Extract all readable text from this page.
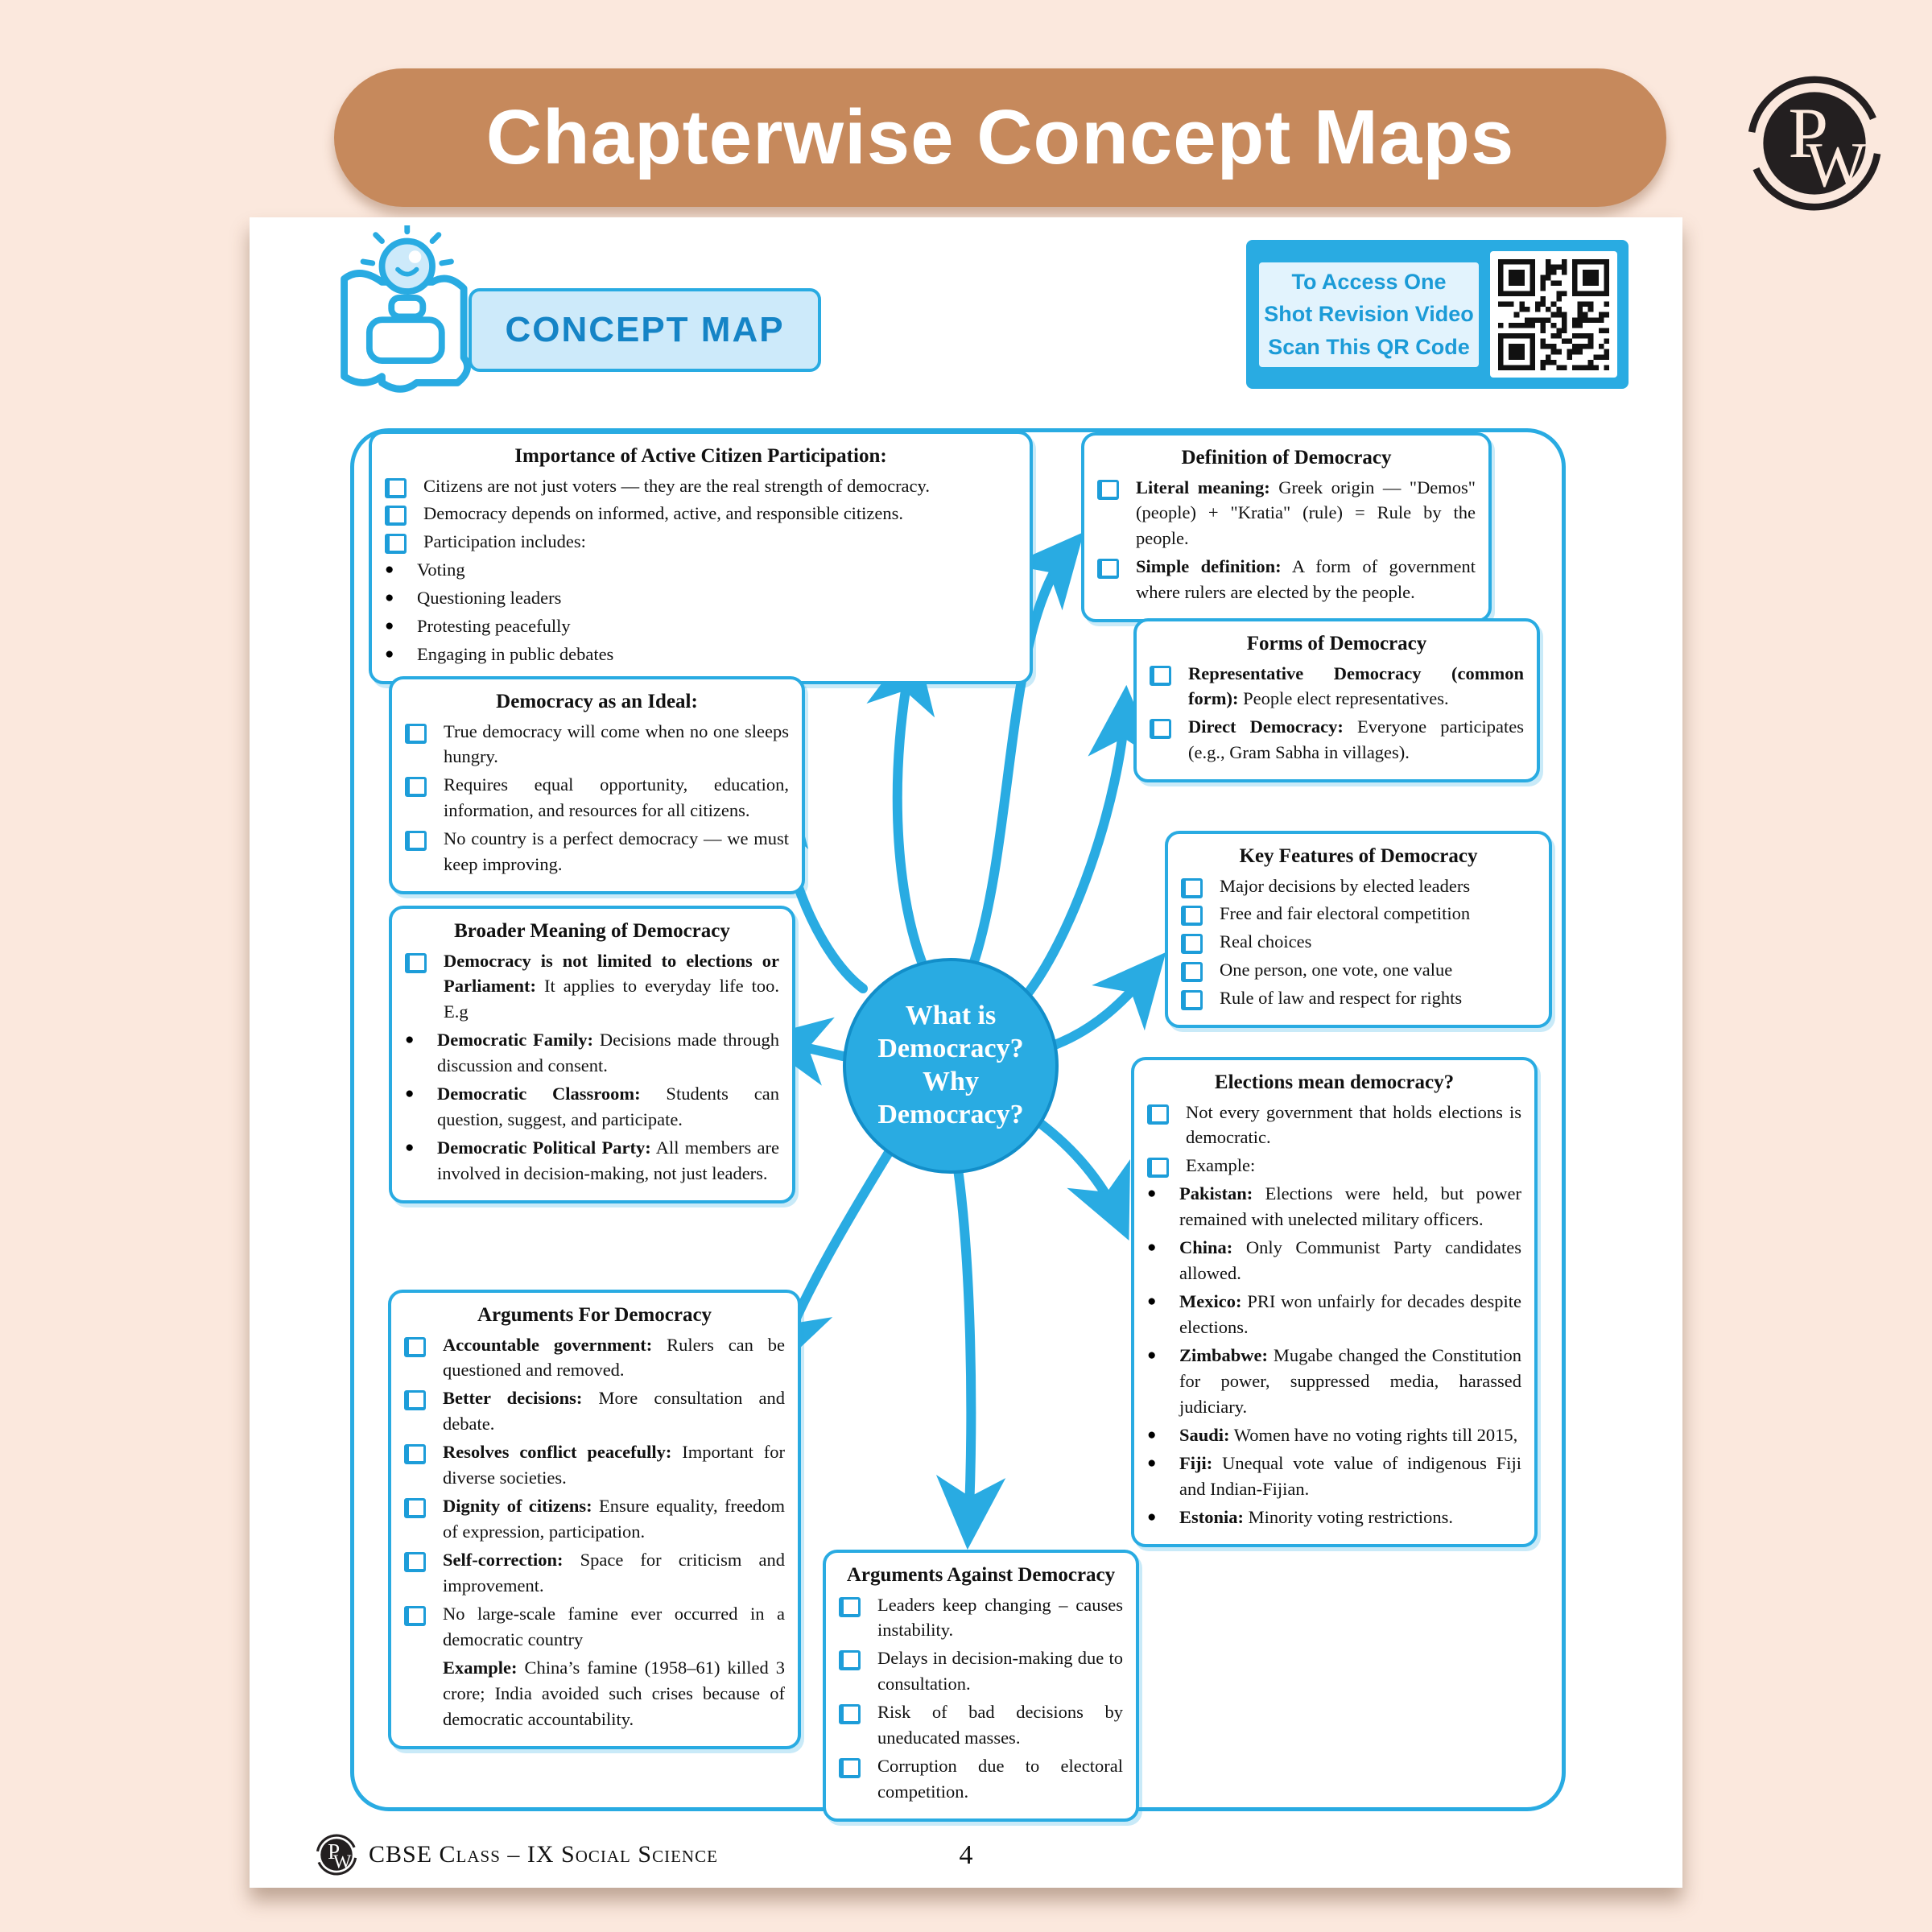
Chapterwise Concept Maps	P
W
CONCEPT MAP
To Access One
Shot Revision Video
Scan This QR Code
Importance of Active Citizen Participation:
Citizens are not just voters — they are the real strength of democracy.
Democracy depends on informed, active, and responsible citizens.
Participation includes:
●	Voting
●	Questioning leaders
●	Protesting peacefully
●	Engaging in public debates
Democracy as an Ideal:
True democracy will come when no one sleeps hungry.
Requires equal opportunity, education, information, and resources for all citizens.
No country is a perfect democracy — we must keep improving.
Broader Meaning of Democracy
Democracy is not limited to elections or Parliament: It applies to everyday life too. E.g
●	Democratic Family: Decisions made through discussion and consent.
●	Democratic Classroom: Students can question, suggest, and participate.
●	Democratic Political Party: All members are involved in decision-making, not just leaders.
Arguments For Democracy
Accountable government: Rulers can be questioned and removed.
Better decisions: More consultation and debate.
Resolves conflict peacefully: Important for diverse societies.
Dignity of citizens: Ensure equality, freedom of expression, participation.
Self-correction: Space for criticism and improvement.
No large-scale famine ever occurred in a democratic country
Example: China’s famine (1958–61) killed 3 crore; India avoided such crises because of democratic accountability.
Definition of Democracy
Literal meaning: Greek origin — "Demos" (people) + "Kratia" (rule) = Rule by the people.
Simple definition: A form of government where rulers are elected by the people.
Forms of Democracy
Representative Democracy (common form): People elect representatives.
Direct Democracy: Everyone participates (e.g., Gram Sabha in villages).
Key Features of Democracy
Major decisions by elected leaders
Free and fair electoral competition
Real choices
One person, one vote, one value
Rule of law and respect for rights
Elections mean democracy?
Not every government that holds elections is democratic.
Example:
●	Pakistan: Elections were held, but power remained with unelected military officers.
●	China: Only Communist Party candidates allowed.
●	Mexico: PRI won unfairly for decades despite elections.
●	Zimbabwe: Mugabe changed the Constitution for power, suppressed media, harassed judiciary.
●	Saudi: Women have no voting rights till 2015,
●	Fiji: Unequal vote value of indigenous Fiji and Indian-Fijian.
●	Estonia: Minority voting restrictions.
Arguments Against Democracy
Leaders keep changing – causes instability.
Delays in decision-making due to consultation.
Risk of bad decisions by uneducated masses.
Corruption due to electoral competition.
What is
Democracy?
Why
Democracy?
P
W CBSE Class – IX Social Science	4
